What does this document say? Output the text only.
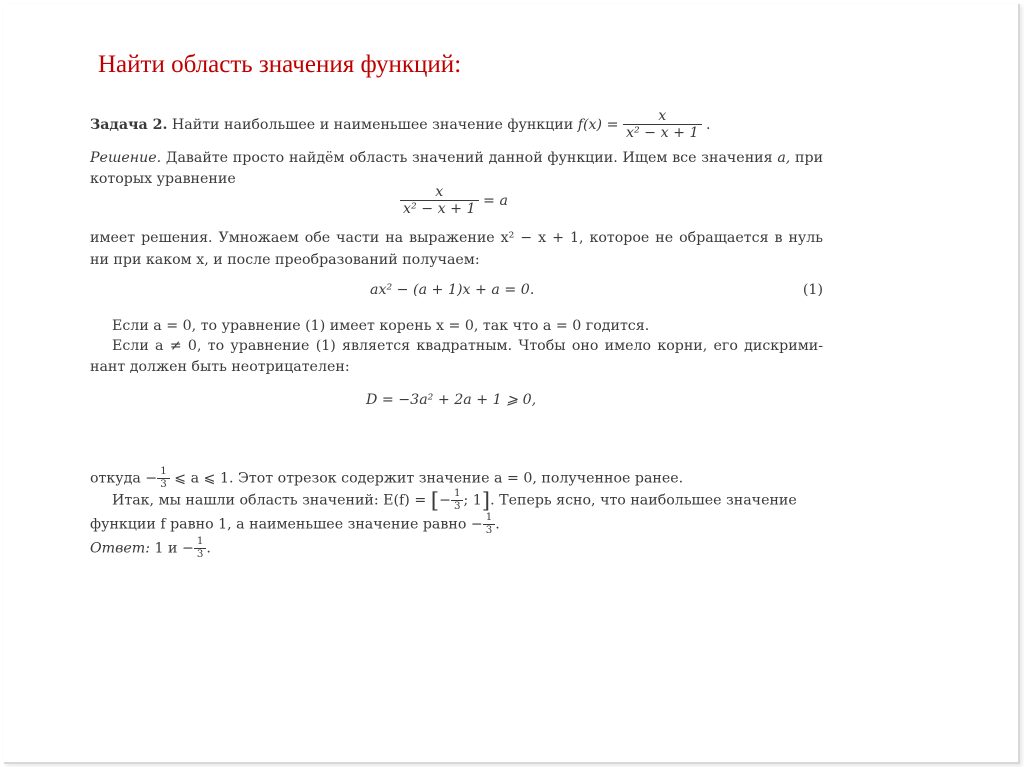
Найти область значения функций:
Задача 2. Найти наибольшее и наименьшее значение функции $f(x) = \frac{x}{\text{x² − x + 1}}$ .
Решение. Давайте просто найдём область значений данной функции. Ищем все значения a, при
которых уравнение
$\frac{x}{\text{x² − x + 1}} = a$
имеет решения. Умножаем обе части на выражение x² − x + 1, которое не обращается в нуль
ни при каком x, и после преобразований получаем:
ax² − (a + 1)x + a = 0.	(1)
Если a = 0, то уравнение (1) имеет корень x = 0, так что a = 0 годится.
Если a ≠ 0, то уравнение (1) является квадратным. Чтобы оно имело корни, его дискрими-
нант должен быть неотрицателен:
D = −3a² + 2a + 1 ⩾ 0,
откуда − $\frac{1}{3}$ ⩽ a ⩽ 1. Этот отрезок содержит значение a = 0, полученное ранее.
Итак, мы нашли область значений: E(f) = [− $\frac{1}{3}$ ; 1]. Теперь ясно, что наибольшее значение
функции f равно 1, а наименьшее значение равно − $\frac{1}{3}$ .
Ответ: 1 $и - \frac{1}{3}$ .
